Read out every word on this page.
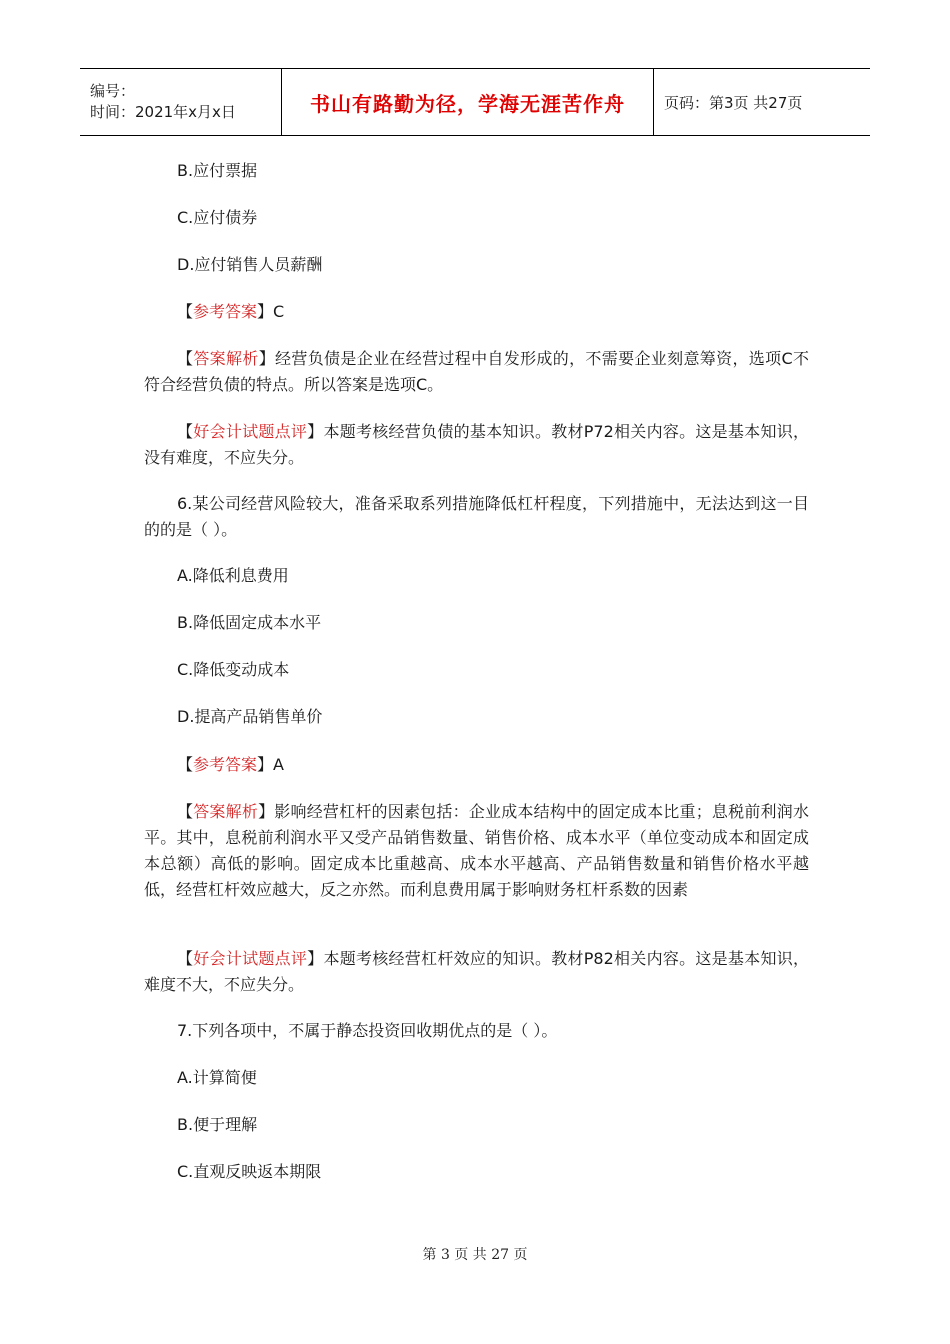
编号：
时间：2021年x月x日	书山有路勤为径，学海无涯苦作舟	页码：第3页 共27页

B.应付票据

C.应付债券

D.应付销售人员薪酬

【参考答案】C

【答案解析】经营负债是企业在经营过程中自发形成的，不需要企业刻意筹资，选项C不符合经营负债的特点。所以答案是选项C。

【好会计试题点评】本题考核经营负债的基本知识。教材P72相关内容。这是基本知识，没有难度，不应失分。

6.某公司经营风险较大，准备采取系列措施降低杠杆程度，下列措施中，无法达到这一目的的是（ ）。

A.降低利息费用

B.降低固定成本水平

C.降低变动成本

D.提高产品销售单价

【参考答案】A

【答案解析】影响经营杠杆的因素包括：企业成本结构中的固定成本比重；息税前利润水平。其中，息税前利润水平又受产品销售数量、销售价格、成本水平（单位变动成本和固定成本总额）高低的影响。固定成本比重越高、成本水平越高、产品销售数量和销售价格水平越低，经营杠杆效应越大，反之亦然。而利息费用属于影响财务杠杆系数的因素

【好会计试题点评】本题考核经营杠杆效应的知识。教材P82相关内容。这是基本知识，难度不大，不应失分。

7.下列各项中，不属于静态投资回收期优点的是（ ）。

A.计算简便

B.便于理解

C.直观反映返本期限

第 3 页 共 27 页
